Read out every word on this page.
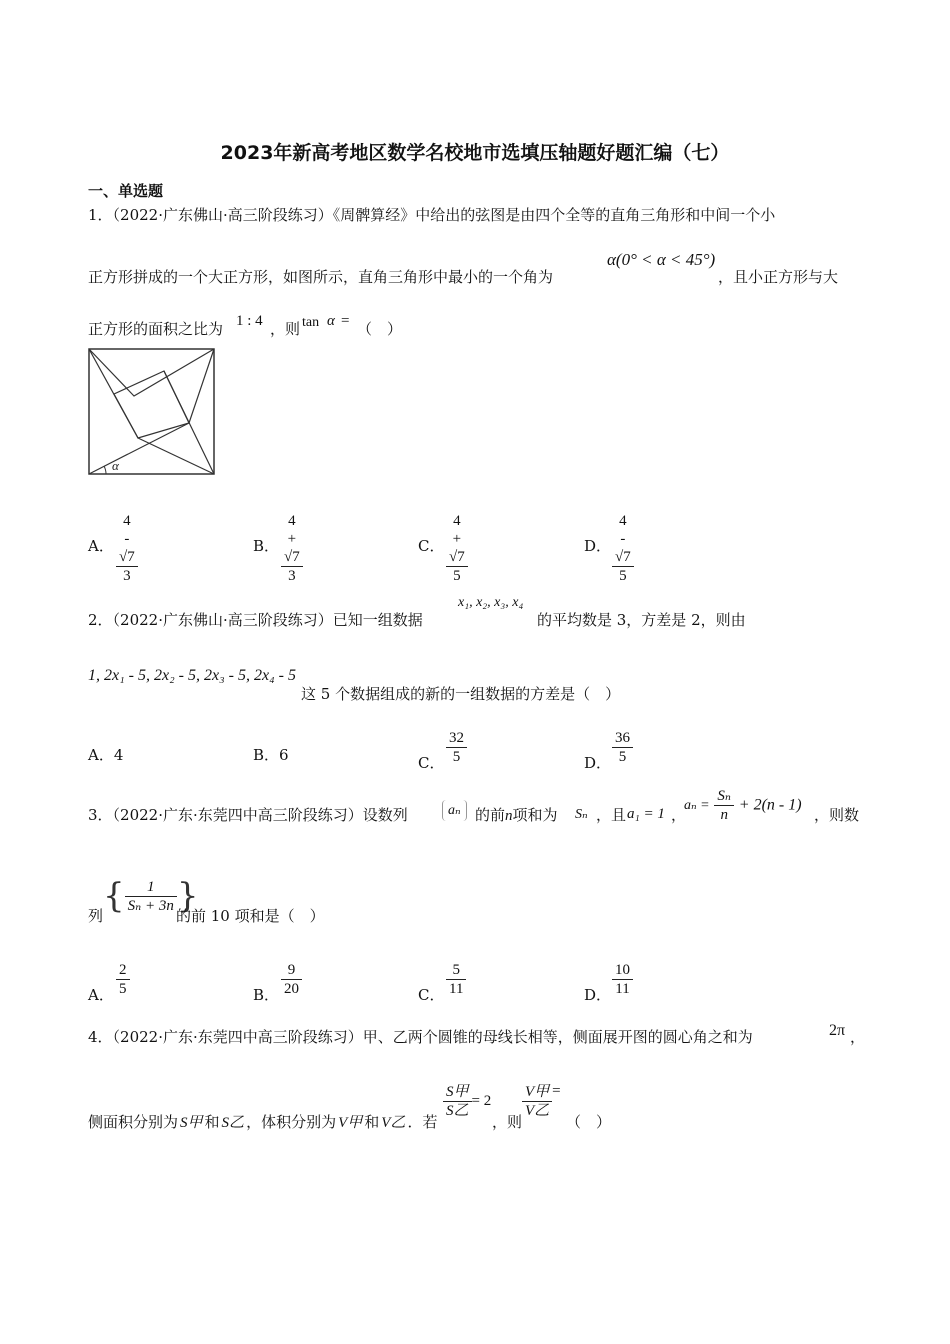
2023年新高考地区数学名校地市选填压轴题好题汇编（七）
一、单选题
1．（2022·广东佛山·高三阶段练习）《周髀算经》中给出的弦图是由四个全等的直角三角形和中间一个小
正方形拼成的一个大正方形，如图所示，直角三角形中最小的一个角为
α(0° < α < 45°)
，且小正方形与大
正方形的面积之比为 1 : 4 ，则 tan α = （　）
α
A． $\frac{4 - √7}{3}$	B． $\frac{4 + √7}{3}$	C． $\frac{4 + √7}{5}$	D． $\frac{4 - √7}{5}$
2．（2022·广东佛山·高三阶段练习）已知一组数据
x₁, x₂, x₃, x₄
的平均数是 3，方差是 2，则由
1, 2x₁ - 5, 2x₂ - 5, 2x₃ - 5, 2x₄ - 5
这 5 个数据组成的新的一组数据的方差是（　）
A．4	B．6	C． $\frac{32}{5}$	D． $\frac{36}{5}$
3．（2022·广东·东莞四中高三阶段练习）设数列	aₙ 的前n项和为 Sₙ ，且 a₁ = 1 ，
$a_n = \frac{\text{Sₙ}}{n} + 2(n - 1)$
，则数
列 { $\frac{1}{\text{Sₙ + 3n}}$ }
的前 10 项和是（　）
A． $\frac{2}{5}$	B． $\frac{9}{20}$	C． $\frac{5}{11}$	D． $\frac{10}{11}$
4．（2022·广东·东莞四中高三阶段练习）甲、乙两个圆锥的母线长相等，侧面展开图的圆心角之和为	2π ，
侧面积分别为 S甲 和 S乙 ，体积分别为 V甲 和 V乙 ．若
$\frac{\text{S甲}}{\text{S乙}} = 2$
，则
$\frac{\text{V甲}}{\text{V乙}}$ =
（　）
